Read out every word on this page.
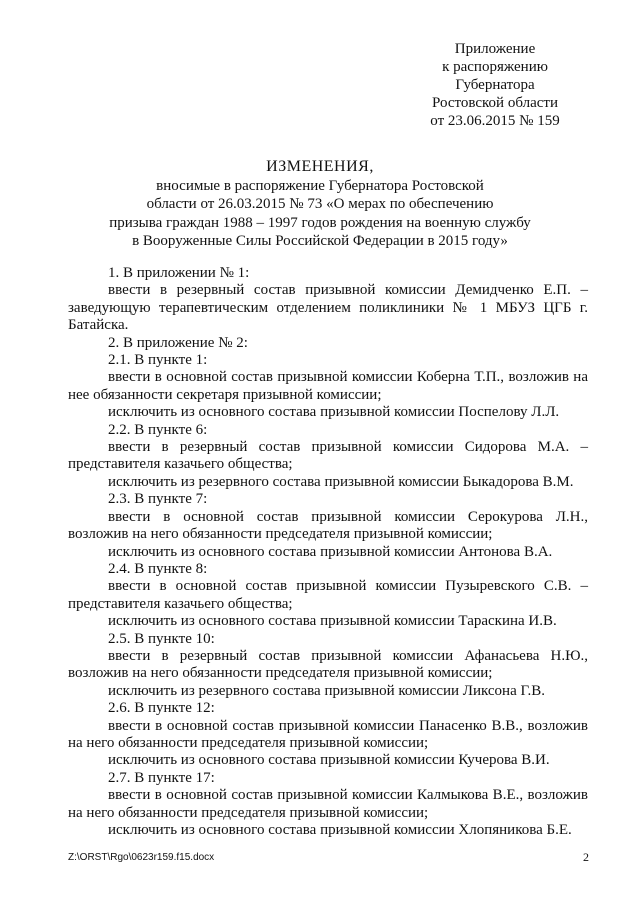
Приложение
к распоряжению
Губернатора
Ростовской области
от 23.06.2015 № 159
ИЗМЕНЕНИЯ,
вносимые в распоряжение Губернатора Ростовской
области от 26.03.2015 № 73 «О мерах по обеспечению
призыва граждан 1988 – 1997 годов рождения на военную службу
в Вооруженные Силы Российской Федерации в 2015 году»

1. В приложении № 1:

ввести в резервный состав призывной комиссии Демидченко Е.П. – заведующую терапевтическим отделением поликлиники № 1 МБУЗ ЦГБ г. Батайска.

2. В приложение № 2:

2.1. В пункте 1:

ввести в основной состав призывной комиссии Коберна Т.П., возложив на нее обязанности секретаря призывной комиссии;

исключить из основного состава призывной комиссии Поспелову Л.Л.

2.2. В пункте 6:

ввести в резервный состав призывной комиссии Сидорова М.А. – представителя казачьего общества;

исключить из резервного состава призывной комиссии Быкадорова В.М.

2.3. В пункте 7:

ввести в основной состав призывной комиссии Серокурова Л.Н., возложив на него обязанности председателя призывной комиссии;

исключить из основного состава призывной комиссии Антонова В.А.

2.4. В пункте 8:

ввести в основной состав призывной комиссии Пузыревского С.В. – представителя казачьего общества;

исключить из основного состава призывной комиссии Тараскина И.В.

2.5. В пункте 10:

ввести в резервный состав призывной комиссии Афанасьева Н.Ю., возложив на него обязанности председателя призывной комиссии;

исключить из резервного состава призывной комиссии Ликсона Г.В.

2.6. В пункте 12:

ввести в основной состав призывной комиссии Панасенко В.В., возложив на него обязанности председателя призывной комиссии;

исключить из основного состава призывной комиссии Кучерова В.И.

2.7. В пункте 17:

ввести в основной состав призывной комиссии Калмыкова В.Е., возложив на него обязанности председателя призывной комиссии;

исключить из основного состава призывной комиссии Хлопяникова Б.Е.

Z:\ORST\Rgo\0623r159.f15.docx	2
